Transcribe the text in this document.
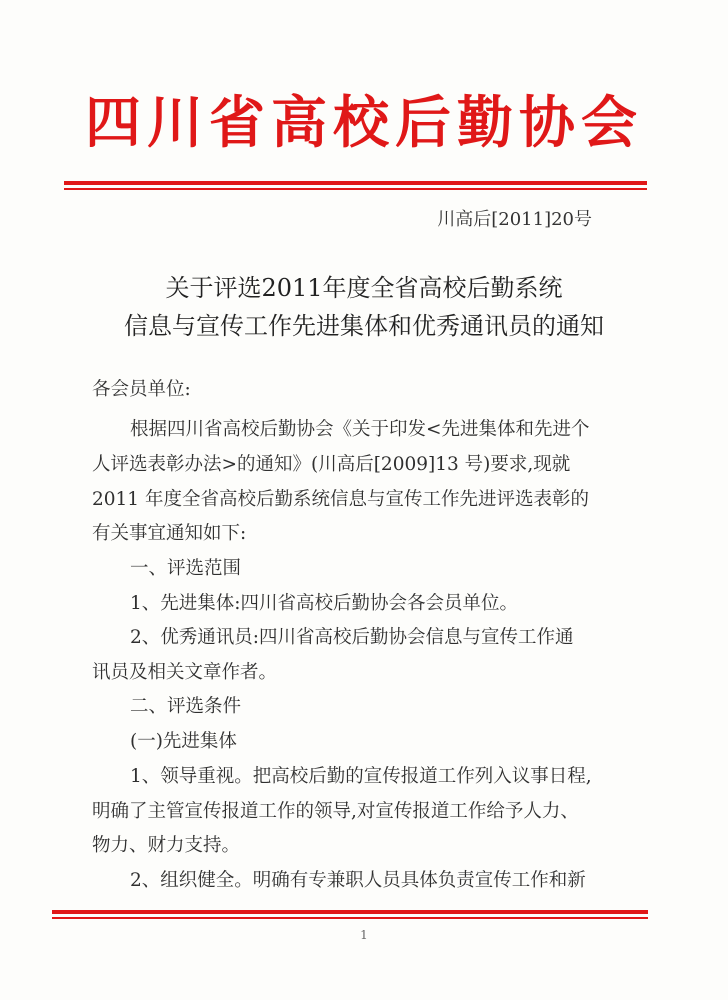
四川省高校后勤协会
川高后[2011]20号
关于评选2011年度全省高校后勤系统
信息与宣传工作先进集体和优秀通讯员的通知
各会员单位:
根据四川省高校后勤协会《关于印发<先进集体和先进个
人评选表彰办法>的通知》(川高后[2009]13 号)要求,现就
2011 年度全省高校后勤系统信息与宣传工作先进评选表彰的
有关事宜通知如下:
一、评选范围
1、先进集体:四川省高校后勤协会各会员单位。
2、优秀通讯员:四川省高校后勤协会信息与宣传工作通
讯员及相关文章作者。
二、评选条件
(一)先进集体
1、领导重视。把高校后勤的宣传报道工作列入议事日程,
明确了主管宣传报道工作的领导,对宣传报道工作给予人力、
物力、财力支持。
2、组织健全。明确有专兼职人员具体负责宣传工作和新
1
